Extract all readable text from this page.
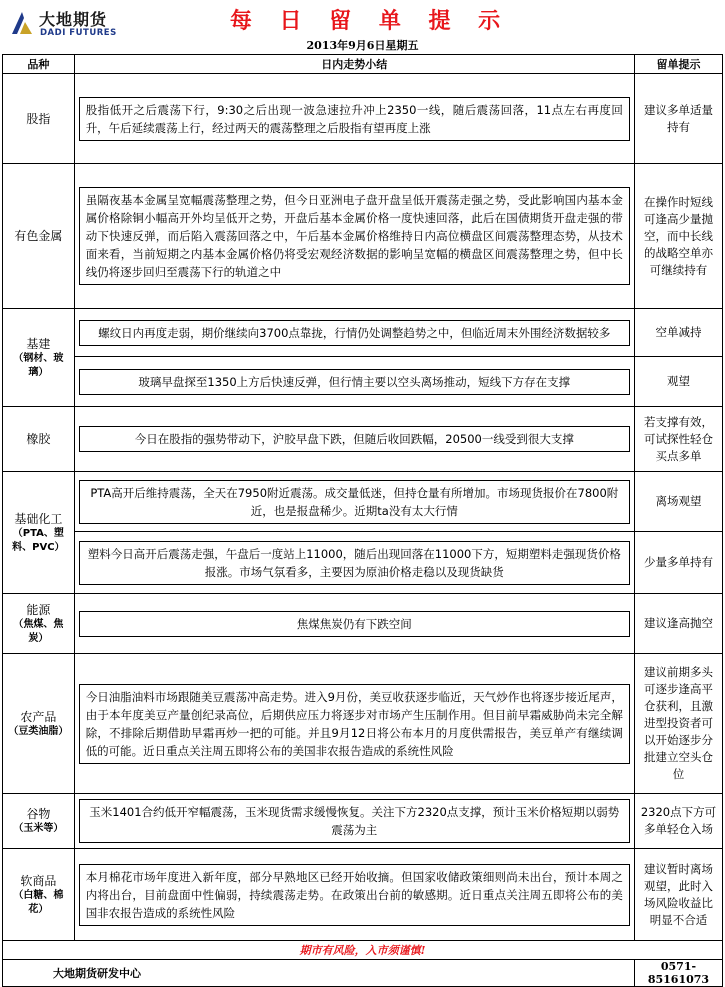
大地期货
DADI FUTURES	每 日 留 单 提 示
2013年9月6日星期五
品种	日内走势小结	留单提示
股指	股指低开之后震荡下行，9:30之后出现一波急速拉升冲上2350一线，随后震荡回落，11点左右再度回升，午后延续震荡上行，经过两天的震荡整理之后股指有望再度上涨	建议多单适量持有
有色金属	虽隔夜基本金属呈宽幅震荡整理之势，但今日亚洲电子盘开盘呈低开震荡走强之势，受此影响国内基本金属价格除铜小幅高开外均呈低开之势，开盘后基本金属价格一度快速回落，此后在国债期货开盘走强的带动下快速反弹，而后陷入震荡回落之中，午后基本金属价格维持日内高位横盘区间震荡整理态势，从技术面来看，当前短期之内基本金属价格仍将受宏观经济数据的影响呈宽幅的横盘区间震荡整理之势，但中长线仍将逐步回归至震荡下行的轨道之中	在操作时短线可逢高少量抛空，而中长线的战略空单亦可继续持有
基建
（钢材、玻璃）	螺纹日内再度走弱，期价继续向3700点靠拢，行情仍处调整趋势之中，但临近周末外围经济数据较多	空单减持

	玻璃早盘探至1350上方后快速反弹，但行情主要以空头离场推动，短线下方存在支撑	观望
橡胶	今日在股指的强势带动下，沪胶早盘下跌，但随后收回跌幅，20500一线受到很大支撑	若支撑有效，可试探性轻仓买点多单
基础化工
（PTA、塑料、PVC）	PTA高开后维持震荡，全天在7950附近震荡。成交量低迷，但持仓量有所增加。市场现货报价在7800附近，也是报盘稀少。近期ta没有太大行情	离场观望

	塑料今日高开后震荡走强，午盘后一度站上11000，随后出现回落在11000下方，短期塑料走强现货价格报涨。市场气氛看多，主要因为原油价格走稳以及现货缺货	少量多单持有
能源
（焦煤、焦炭）	焦煤焦炭仍有下跌空间	建议逢高抛空
农产品
（豆类油脂）	今日油脂油料市场跟随美豆震荡冲高走势。进入9月份，美豆收获逐步临近，天气炒作也将逐步接近尾声，由于本年度美豆产量创纪录高位，后期供应压力将逐步对市场产生压制作用。但目前早霜威胁尚未完全解除，不排除后期借助早霜再炒一把的可能。并且9月12日将公布本月的月度供需报告，美豆单产有继续调低的可能。近日重点关注周五即将公布的美国非农报告造成的系统性风险	建议前期多头可逐步逢高平仓获利，且激进型投资者可以开始逐步分批建立空头仓位
谷物
（玉米等）	玉米1401合约低开窄幅震荡，玉米现货需求缓慢恢复。关注下方2320点支撑，预计玉米价格短期以弱势震荡为主	2320点下方可多单轻仓入场
软商品
（白糖、棉花）	本月棉花市场年度进入新年度，部分早熟地区已经开始收摘。但国家收储政策细则尚未出台，预计本周之内将出台，目前盘面中性偏弱，持续震荡走势。在政策出台前的敏感期。近日重点关注周五即将公布的美国非农报告造成的系统性风险	建议暂时离场观望，此时入场风险收益比明显不合适
期市有风险，入市须谨慎!		
大地期货研发中心		0571-85161073
